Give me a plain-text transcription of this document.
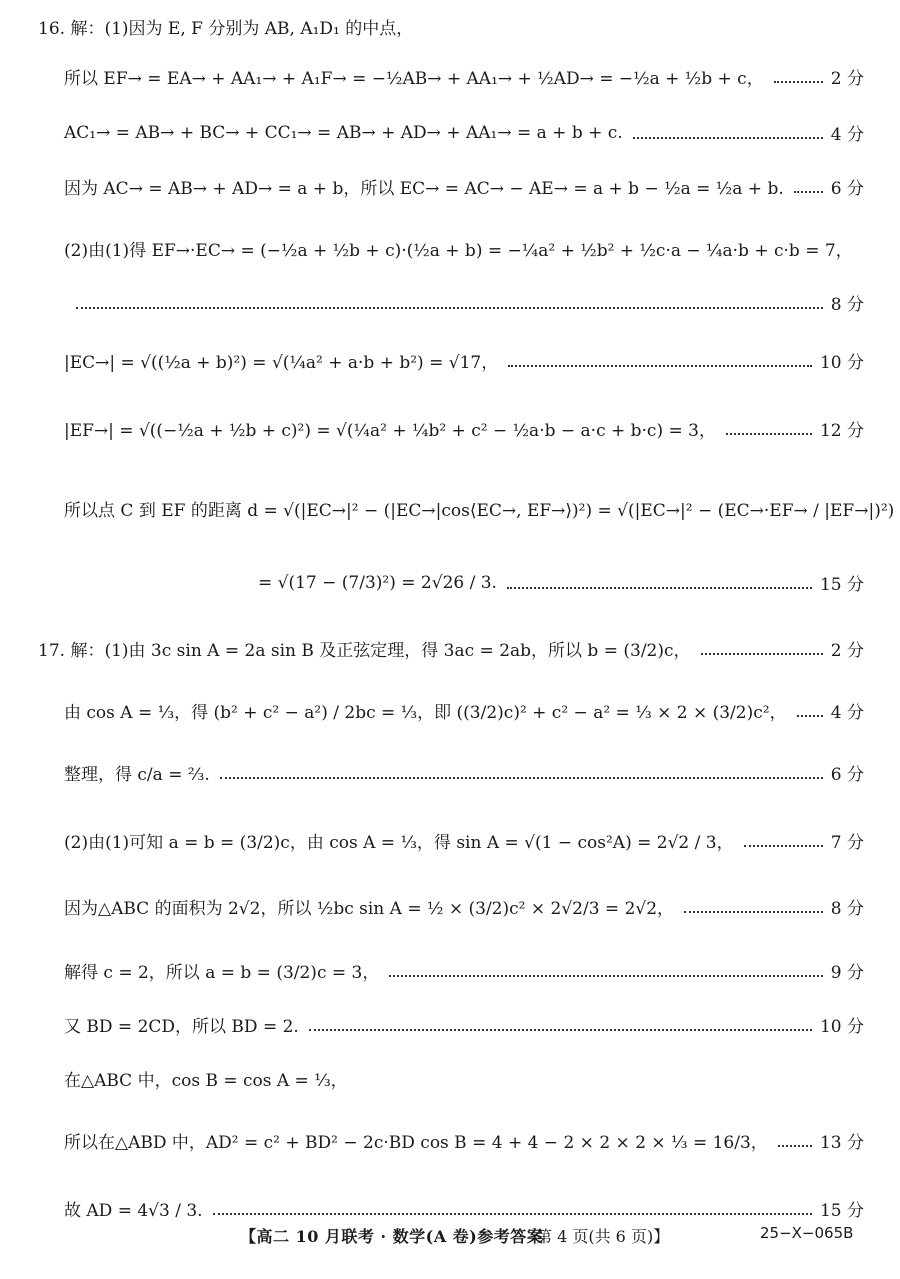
16. 解：(1)因为 E, F 分别为 AB, A₁D₁ 的中点，
所以 EF→ = EA→ + AA₁→ + A₁F→ = −½AB→ + AA₁→ + ½AD→ = −½a + ½b + c，	2 分
AC₁→ = AB→ + BC→ + CC₁→ = AB→ + AD→ + AA₁→ = a + b + c.	4 分
因为 AC→ = AB→ + AD→ = a + b，所以 EC→ = AC→ − AE→ = a + b − ½a = ½a + b.	6 分
(2)由(1)得 EF→·EC→ = (−½a + ½b + c)·(½a + b) = −¼a² + ½b² + ½c·a − ¼a·b + c·b = 7，
8 分
|EC→| = √((½a + b)²) = √(¼a² + a·b + b²) = √17，	10 分
|EF→| = √((−½a + ½b + c)²) = √(¼a² + ¼b² + c² − ½a·b − a·c + b·c) = 3，	12 分
所以点 C 到 EF 的距离 d = √(|EC→|² − (|EC→|cos⟨EC→, EF→⟩)²) = √(|EC→|² − (EC→·EF→ / |EF→|)²)
= √(17 − (7/3)²) = 2√26 / 3.	15 分
17. 解：(1)由 3c sin A = 2a sin B 及正弦定理，得 3ac = 2ab，所以 b = (3/2)c，	2 分
由 cos A = ⅓，得 (b² + c² − a²) / 2bc = ⅓，即 ((3/2)c)² + c² − a² = ⅓ × 2 × (3/2)c²，	4 分
整理，得 c/a = ⅔.	6 分
(2)由(1)可知 a = b = (3/2)c，由 cos A = ⅓，得 sin A = √(1 − cos²A) = 2√2 / 3，	7 分
因为△ABC 的面积为 2√2，所以 ½bc sin A = ½ × (3/2)c² × 2√2/3 = 2√2，	8 分
解得 c = 2，所以 a = b = (3/2)c = 3，	9 分
又 BD = 2CD，所以 BD = 2.	10 分
在△ABC 中，cos B = cos A = ⅓，
所以在△ABD 中，AD² = c² + BD² − 2c·BD cos B = 4 + 4 − 2 × 2 × 2 × ⅓ = 16/3，	13 分
故 AD = 4√3 / 3.	15 分
【高二 10 月联考 · 数学(A 卷)参考答案
第 4 页(共 6 页)】	25−X−065B
